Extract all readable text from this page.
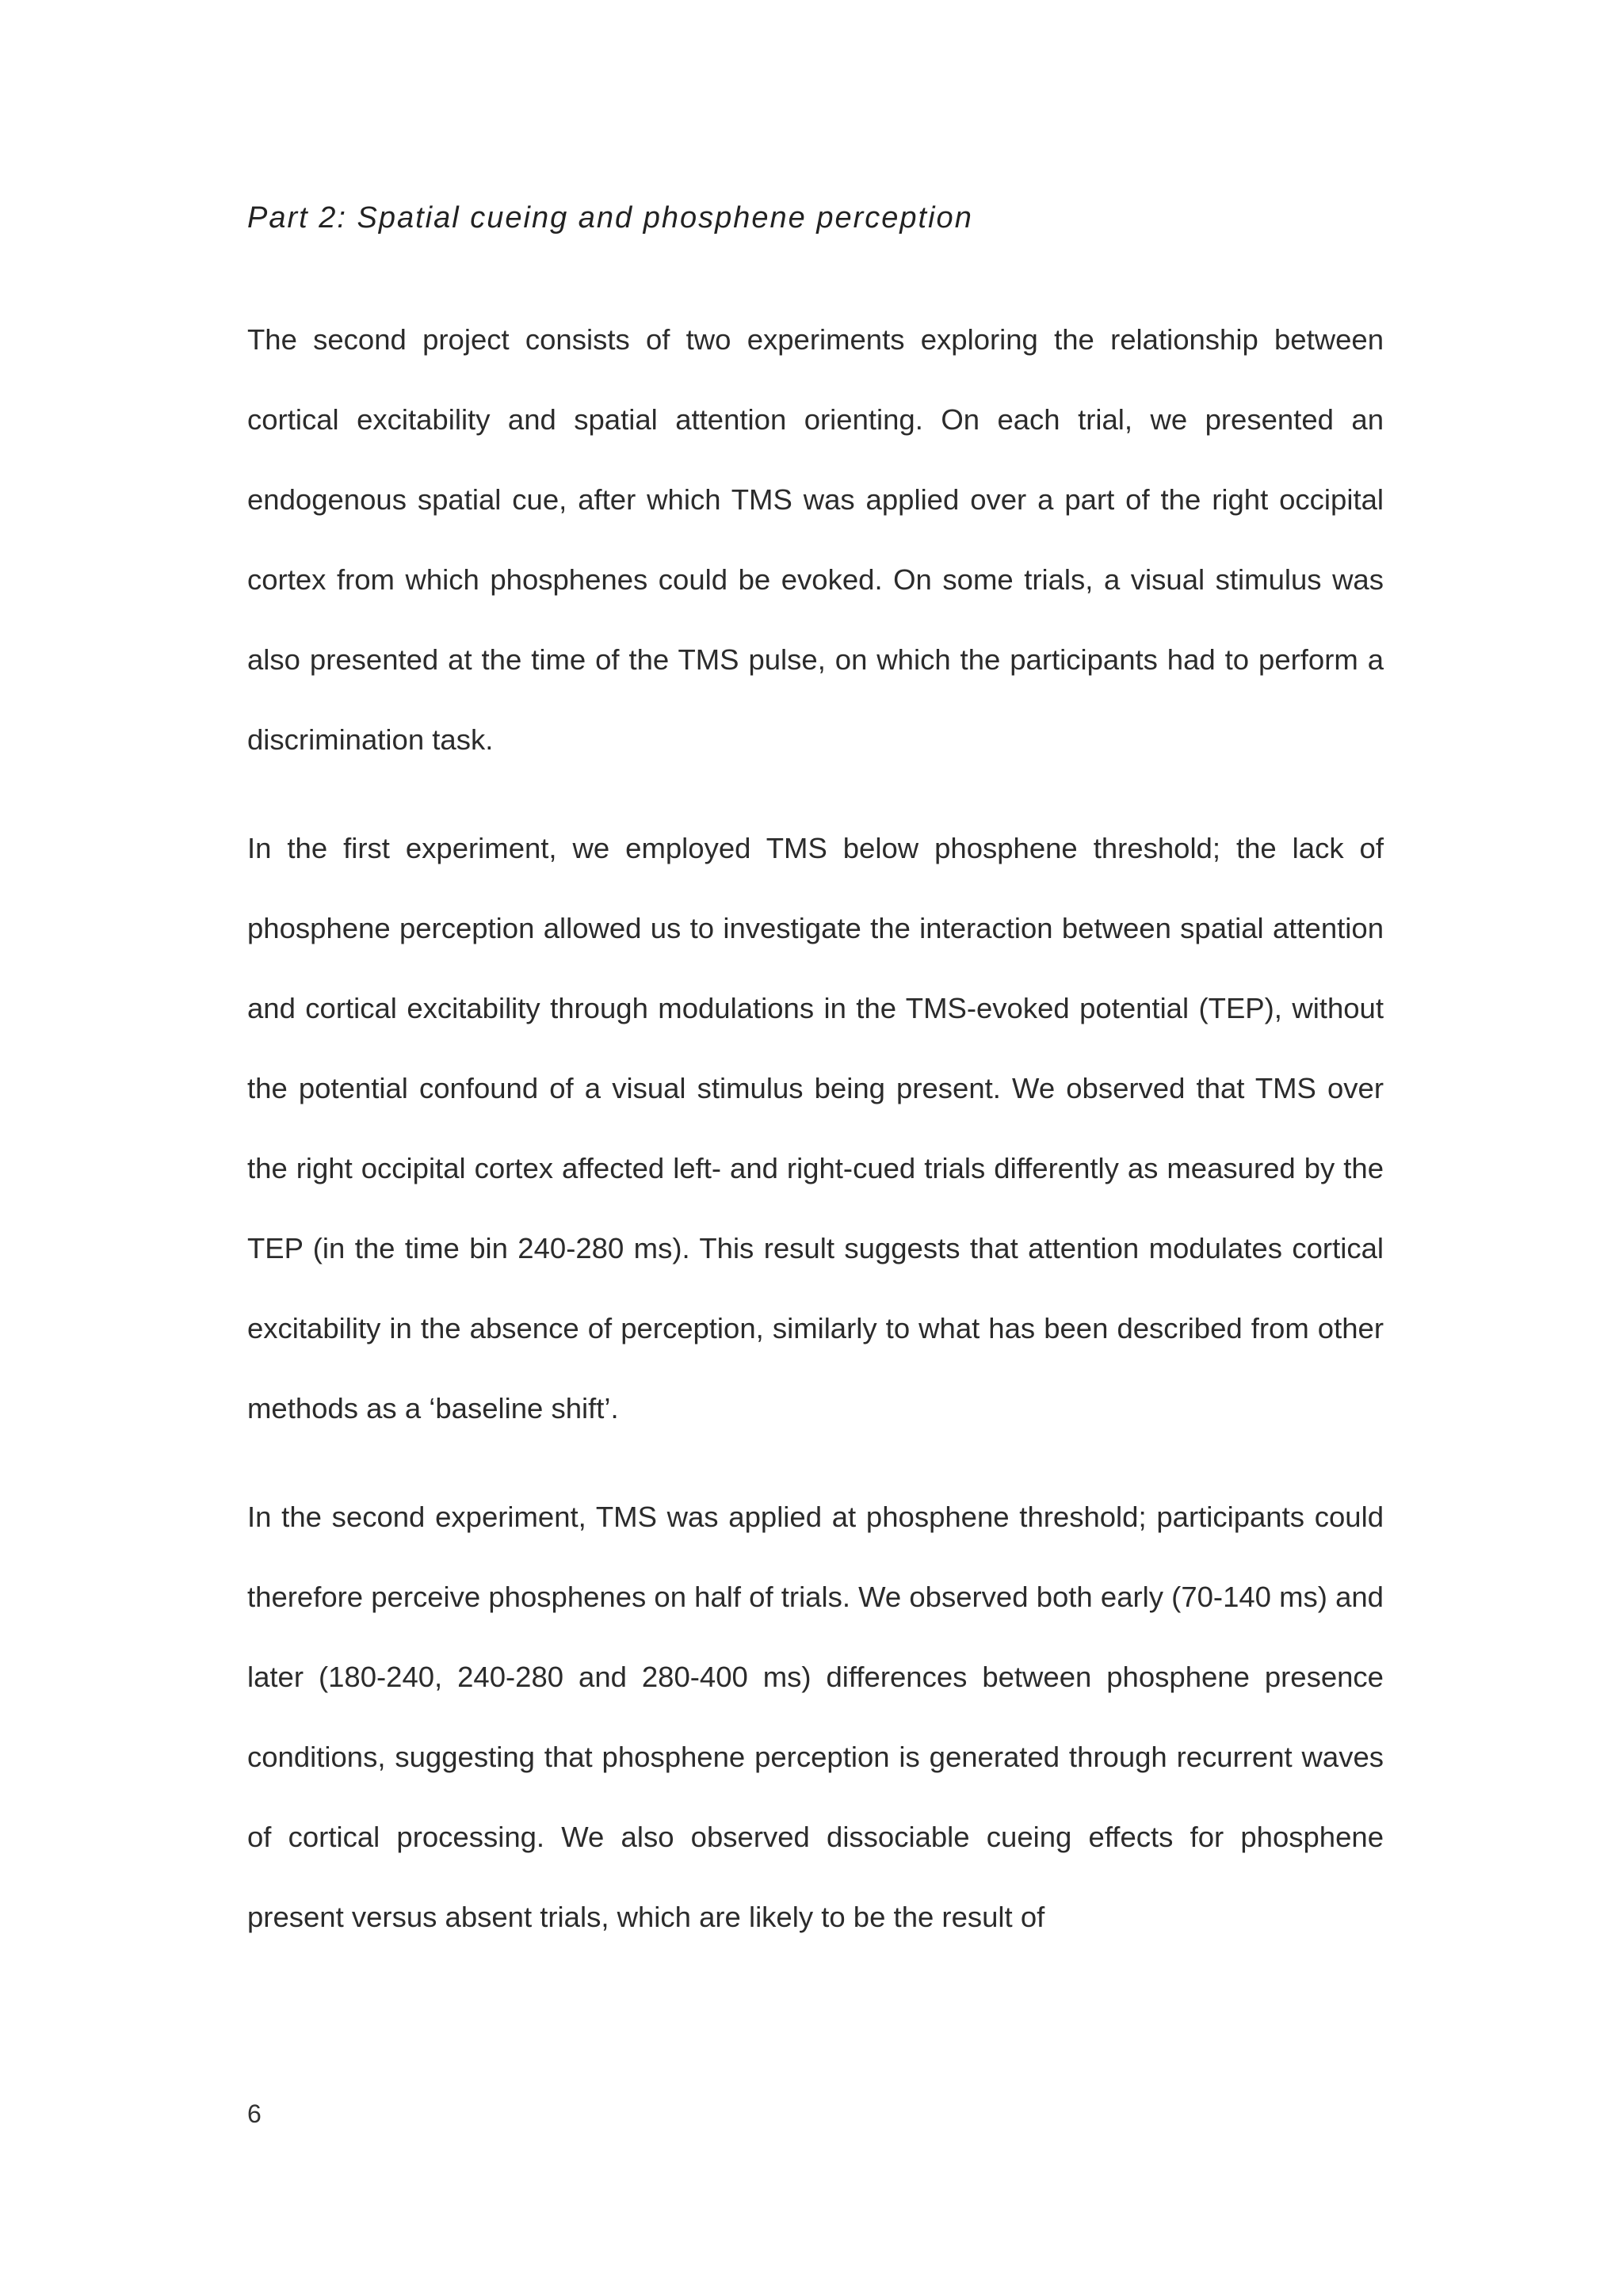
Part 2: Spatial cueing and phosphene perception

The second project consists of two experiments exploring the relationship between cortical excitability and spatial attention orienting. On each trial, we presented an endogenous spatial cue, after which TMS was applied over a part of the right occipital cortex from which phosphenes could be evoked. On some trials, a visual stimulus was also presented at the time of the TMS pulse, on which the participants had to perform a discrimination task.

In the first experiment, we employed TMS below phosphene threshold; the lack of phosphene perception allowed us to investigate the interaction between spatial attention and cortical excitability through modulations in the TMS-evoked potential (TEP), without the potential confound of a visual stimulus being present. We observed that TMS over the right occipital cortex affected left- and right-cued trials differently as measured by the TEP (in the time bin 240-280 ms). This result suggests that attention modulates cortical excitability in the absence of perception, similarly to what has been described from other methods as a ‘baseline shift’.

In the second experiment, TMS was applied at phosphene threshold; participants could therefore perceive phosphenes on half of trials. We observed both early (70-140 ms) and later (180-240, 240-280 and 280-400 ms) differences between phosphene presence conditions, suggesting that phosphene perception is generated through recurrent waves of cortical processing. We also observed dissociable cueing effects for phosphene present versus absent trials, which are likely to be the result of

6
